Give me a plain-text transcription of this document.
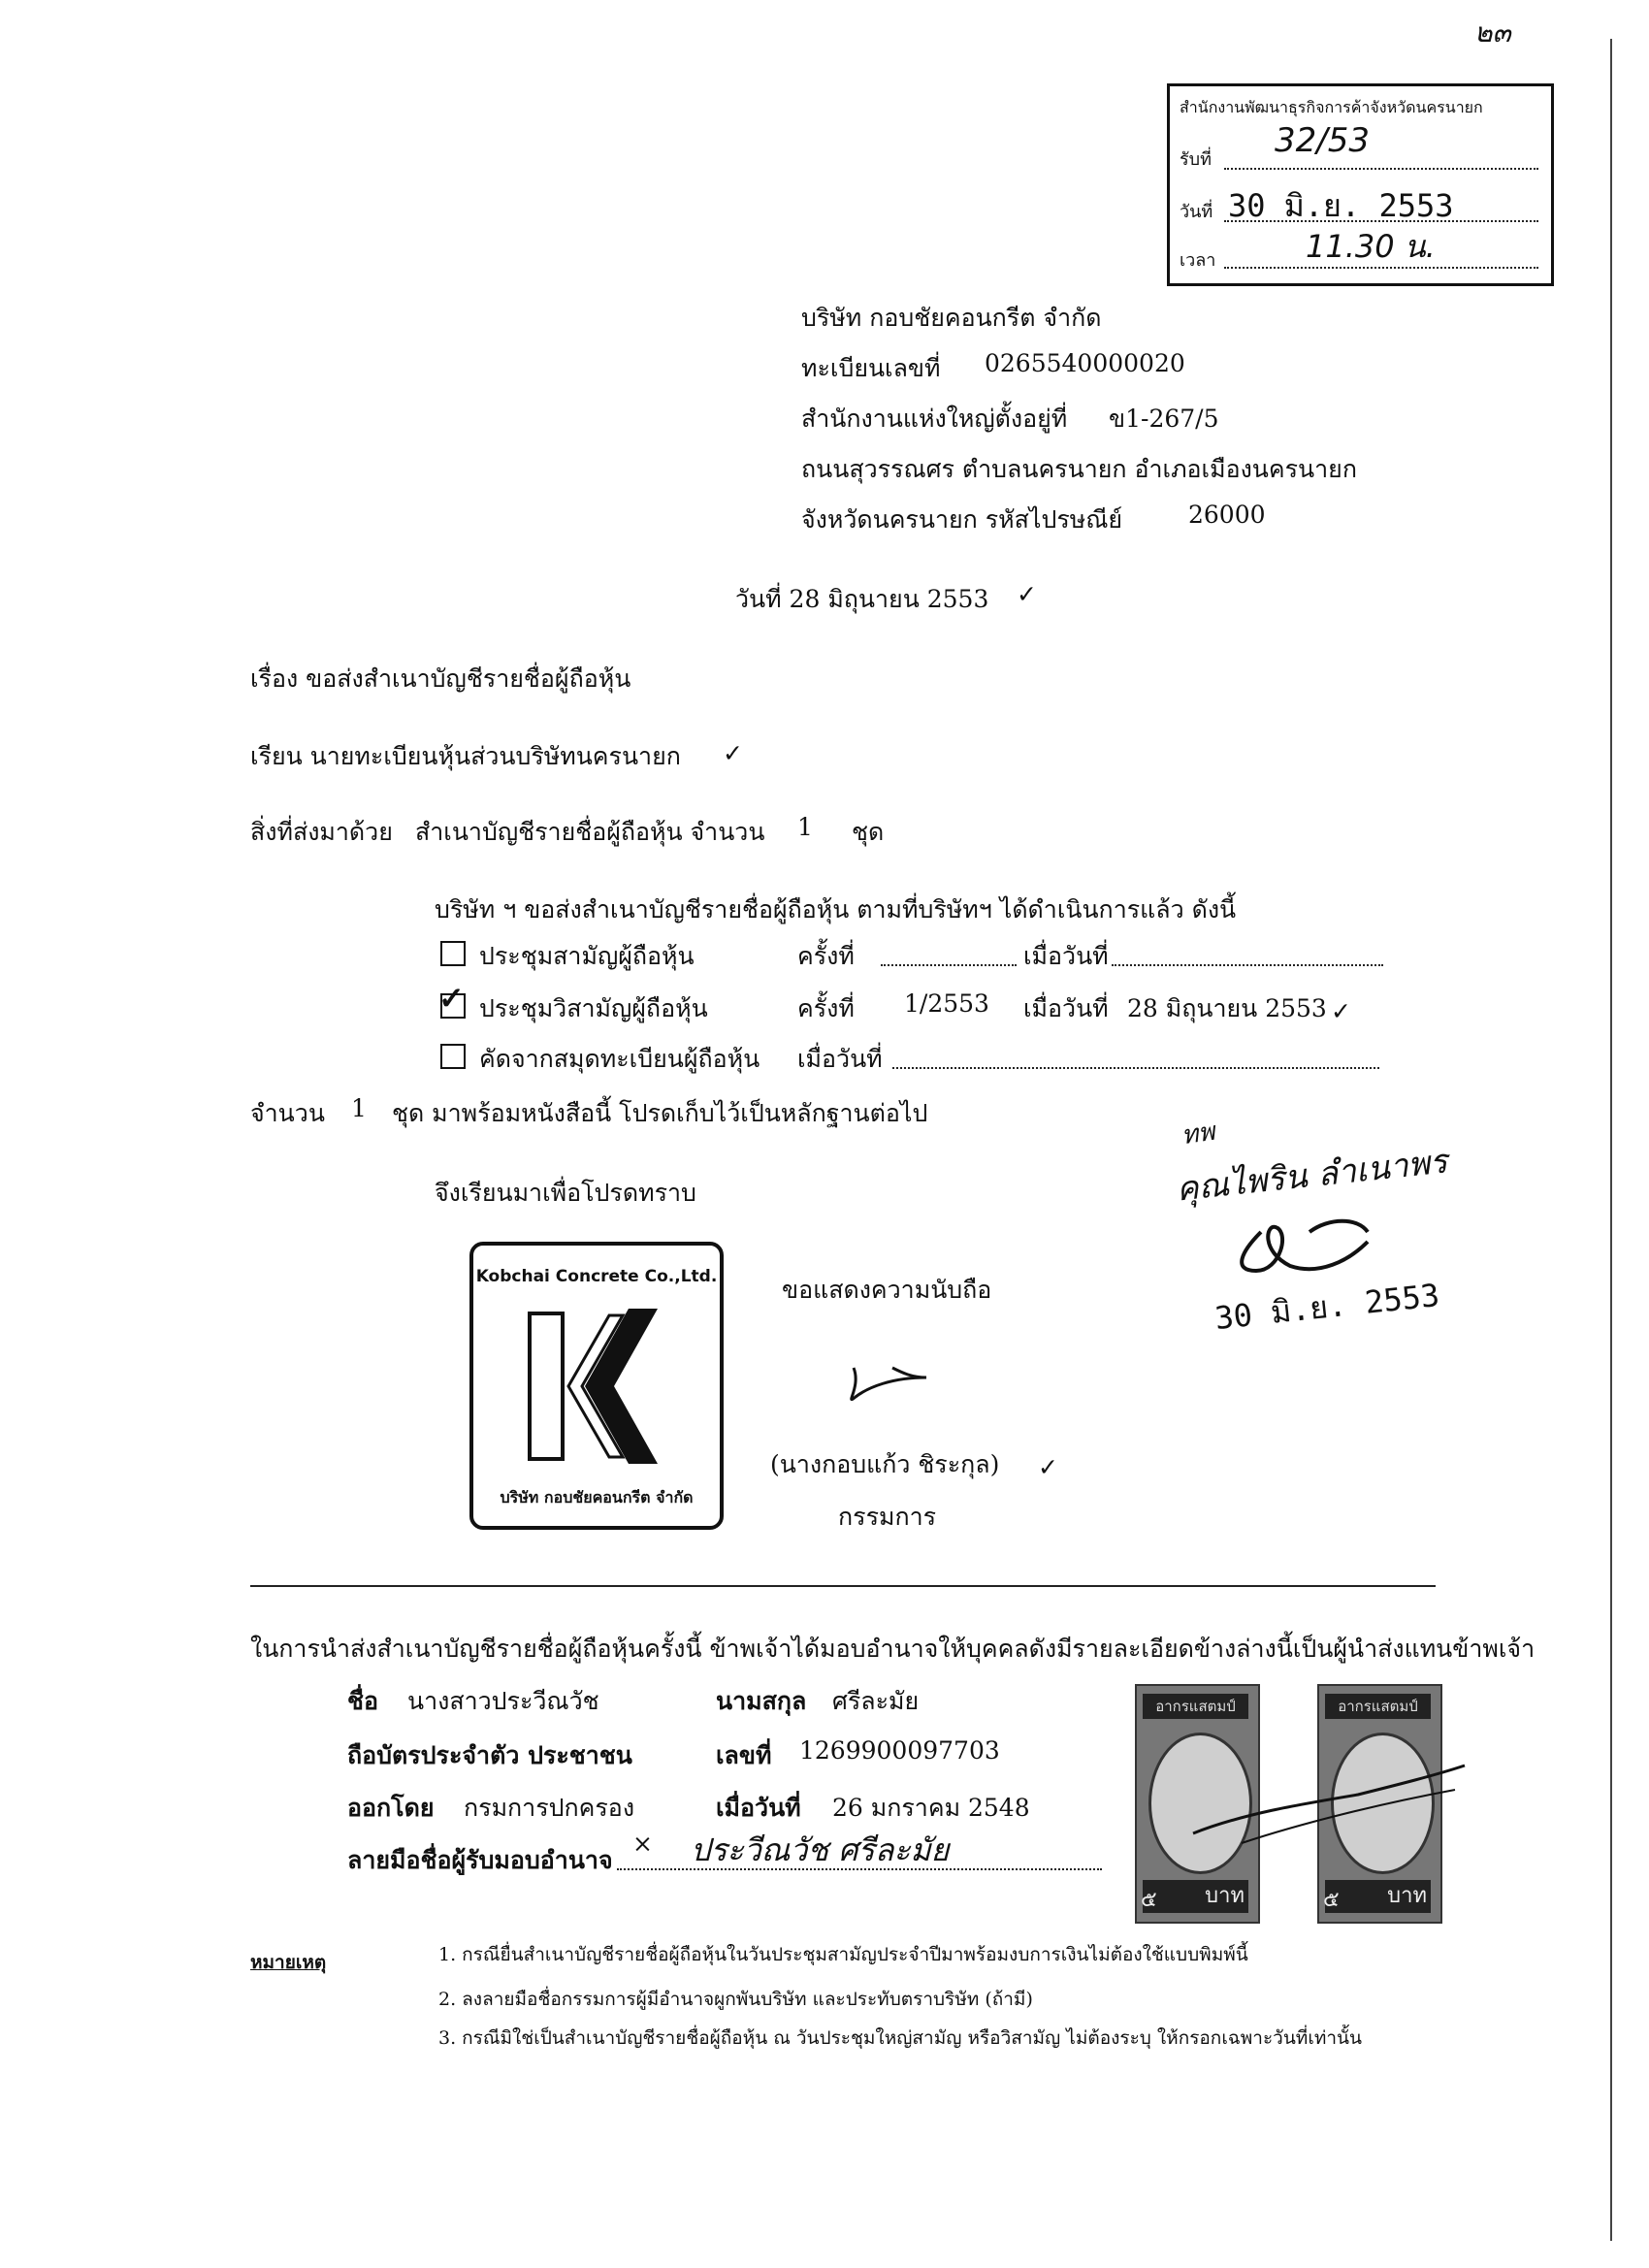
๒๓
สำนักงานพัฒนาธุรกิจการค้าจังหวัดนครนายก
รับที่ 32/53
วันที่ 30 มิ.ย. 2553
เวลา	11.30 น.
บริษัท กอบชัยคอนกรีต จำกัด
ทะเบียนเลขที่ 0265540000020
สำนักงานแห่งใหญ่ตั้งอยู่ที่ ข1-267/5
ถนนสุวรรณศร ตำบลนครนายก อำเภอเมืองนครนายก
จังหวัดนครนายก รหัสไปรษณีย์	26000
วันที่ 28 มิถุนายน 2553 ✓
เรื่อง ขอส่งสำเนาบัญชีรายชื่อผู้ถือหุ้น
เรียน นายทะเบียนหุ้นส่วนบริษัทนครนายก ✓
สิ่งที่ส่งมาด้วย สำเนาบัญชีรายชื่อผู้ถือหุ้น จำนวน 1 ชุด
บริษัท ฯ ขอส่งสำเนาบัญชีรายชื่อผู้ถือหุ้น ตามที่บริษัทฯ ได้ดำเนินการแล้ว ดังนี้
ประชุมสามัญผู้ถือหุ้น	ครั้งที่	เมื่อวันที่
✓ ประชุมวิสามัญผู้ถือหุ้น	ครั้งที่ 1/2553 เมื่อวันที่ 28 มิถุนายน 2553 ✓
คัดจากสมุดทะเบียนผู้ถือหุ้น เมื่อวันที่
จำนวน 1 ชุด มาพร้อมหนังสือนี้ โปรดเก็บไว้เป็นหลักฐานต่อไป
จึงเรียนมาเพื่อโปรดทราบ
ทพ
คุณไพริน ลำเนาพร
30 มิ.ย. 2553
Kobchai Concrete Co.,Ltd.
บริษัท กอบชัยคอนกรีต จำกัด
ขอแสดงความนับถือ
(นางกอบแก้ว ชิระกุล) ✓
กรรมการ
ในการนำส่งสำเนาบัญชีรายชื่อผู้ถือหุ้นครั้งนี้ ข้าพเจ้าได้มอบอำนาจให้บุคคลดังมีรายละเอียดข้างล่างนี้เป็นผู้นำส่งแทนข้าพเจ้า
ชื่อ นางสาวประวีณวัช	นามสกุล ศรีละมัย
ถือบัตรประจำตัว ประชาชน	เลขที่ 1269900097703
ออกโดย กรมการปกครอง	เมื่อวันที่ 26 มกราคม 2548
ลายมือชื่อผู้รับมอบอำนาจ
× ประวีณวัช ศรีละมัย
อากรแสตมป์
บาท
๕
อากรแสตมป์
บาท
๕
หมายเหตุ	1. กรณียื่นสำเนาบัญชีรายชื่อผู้ถือหุ้นในวันประชุมสามัญประจำปีมาพร้อมงบการเงินไม่ต้องใช้แบบพิมพ์นี้
2. ลงลายมือชื่อกรรมการผู้มีอำนาจผูกพันบริษัท และประทับตราบริษัท (ถ้ามี)
3. กรณีมิใช่เป็นสำเนาบัญชีรายชื่อผู้ถือหุ้น ณ วันประชุมใหญ่สามัญ หรือวิสามัญ ไม่ต้องระบุ ให้กรอกเฉพาะวันที่เท่านั้น
